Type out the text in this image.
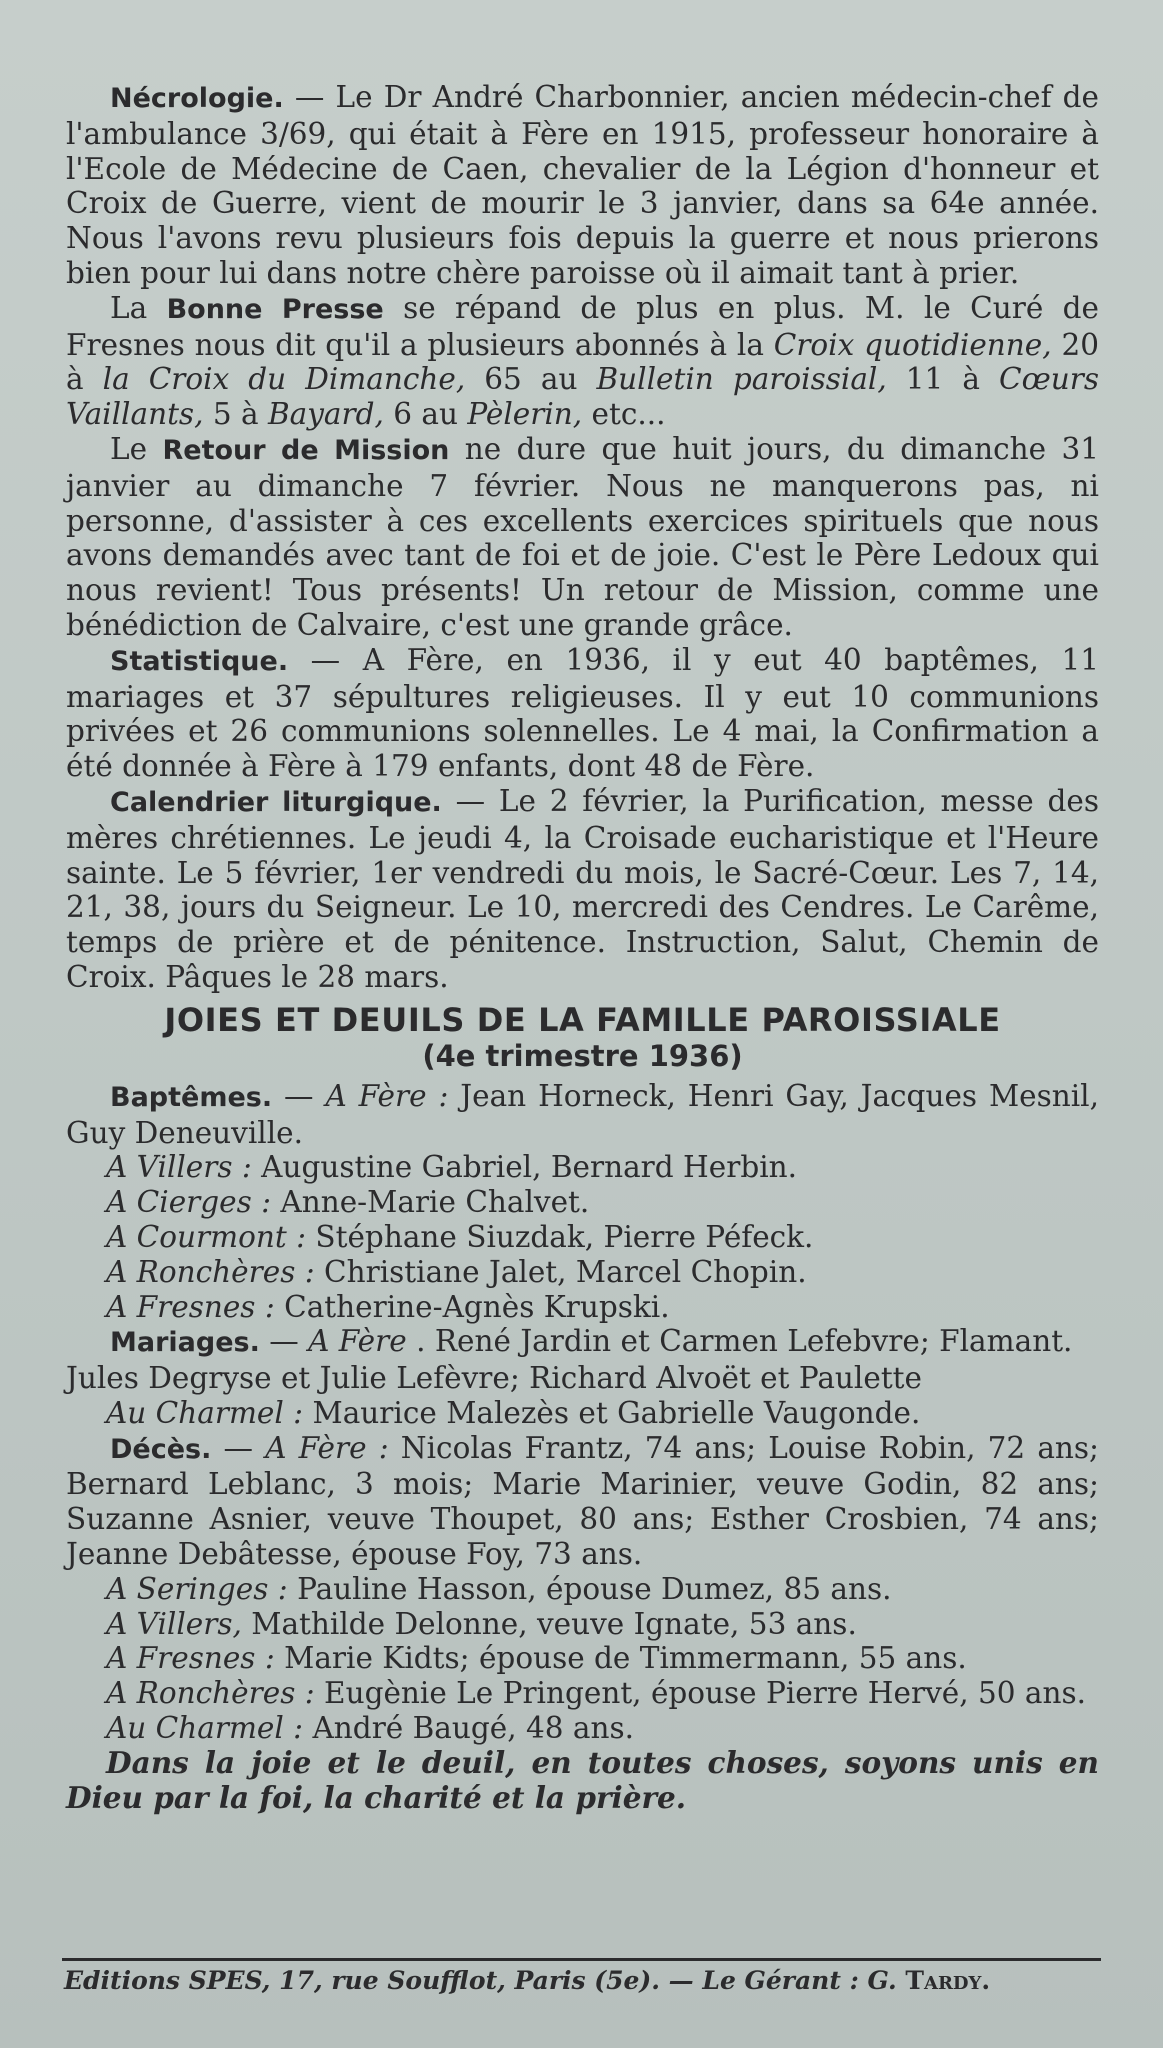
Nécrologie. — Le Dr André Charbonnier, ancien médecin-chef de l'ambulance 3/69, qui était à Fère en 1915, professeur honoraire à l'Ecole de Médecine de Caen, chevalier de la Légion d'honneur et Croix de Guerre, vient de mourir le 3 janvier, dans sa 64e année. Nous l'avons revu plusieurs fois depuis la guerre et nous prierons bien pour lui dans notre chère paroisse où il aimait tant à prier.

La Bonne Presse se répand de plus en plus. M. le Curé de Fresnes nous dit qu'il a plusieurs abonnés à la Croix quotidienne, 20 à la Croix du Dimanche, 65 au Bulletin paroissial, 11 à Cœurs Vaillants, 5 à Bayard, 6 au Pèlerin, etc...

Le Retour de Mission ne dure que huit jours, du dimanche 31 janvier au dimanche 7 février. Nous ne manquerons pas, ni personne, d'assister à ces excellents exercices spirituels que nous avons demandés avec tant de foi et de joie. C'est le Père Ledoux qui nous revient! Tous présents! Un retour de Mission, comme une bénédiction de Calvaire, c'est une grande grâce.

Statistique. — A Fère, en 1936, il y eut 40 baptêmes, 11 mariages et 37 sépultures religieuses. Il y eut 10 communions privées et 26 communions solennelles. Le 4 mai, la Confirmation a été donnée à Fère à 179 enfants, dont 48 de Fère.

Calendrier liturgique. — Le 2 février, la Purification, messe des mères chrétiennes. Le jeudi 4, la Croisade eucharistique et l'Heure sainte. Le 5 février, 1er vendredi du mois, le Sacré-Cœur. Les 7, 14, 21, 38, jours du Seigneur. Le 10, mercredi des Cendres. Le Carême, temps de prière et de pénitence. Instruction, Salut, Chemin de Croix. Pâques le 28 mars.

JOIES ET DEUILS DE LA FAMILLE PAROISSIALE
(4e trimestre 1936)

Baptêmes. — A Fère : Jean Horneck, Henri Gay, Jacques Mesnil, Guy Deneuville.

A Villers : Augustine Gabriel, Bernard Herbin.

A Cierges : Anne-Marie Chalvet.

A Courmont : Stéphane Siuzdak, Pierre Péfeck.

A Ronchères : Christiane Jalet, Marcel Chopin.

A Fresnes : Catherine-Agnès Krupski.

Mariages. — A Fère . René Jardin et Carmen Lefebvre; Flamant.

Jules Degryse et Julie Lefèvre; Richard Alvoët et Paulette

Au Charmel : Maurice Malezès et Gabrielle Vaugonde.

Décès. — A Fère : Nicolas Frantz, 74 ans; Louise Robin, 72 ans; Bernard Leblanc, 3 mois; Marie Marinier, veuve Godin, 82 ans; Suzanne Asnier, veuve Thoupet, 80 ans; Esther Crosbien, 74 ans; Jeanne Debâtesse, épouse Foy, 73 ans.

A Seringes : Pauline Hasson, épouse Dumez, 85 ans.

A Villers, Mathilde Delonne, veuve Ignate, 53 ans.

A Fresnes : Marie Kidts; épouse de Timmermann, 55 ans.

A Ronchères : Eugènie Le Pringent, épouse Pierre Hervé, 50 ans.

Au Charmel : André Baugé, 48 ans.

Dans la joie et le deuil, en toutes choses, soyons unis en Dieu par la foi, la charité et la prière.

Editions SPES, 17, rue Soufflot, Paris (5e). — Le Gérant : G. Tardy.
